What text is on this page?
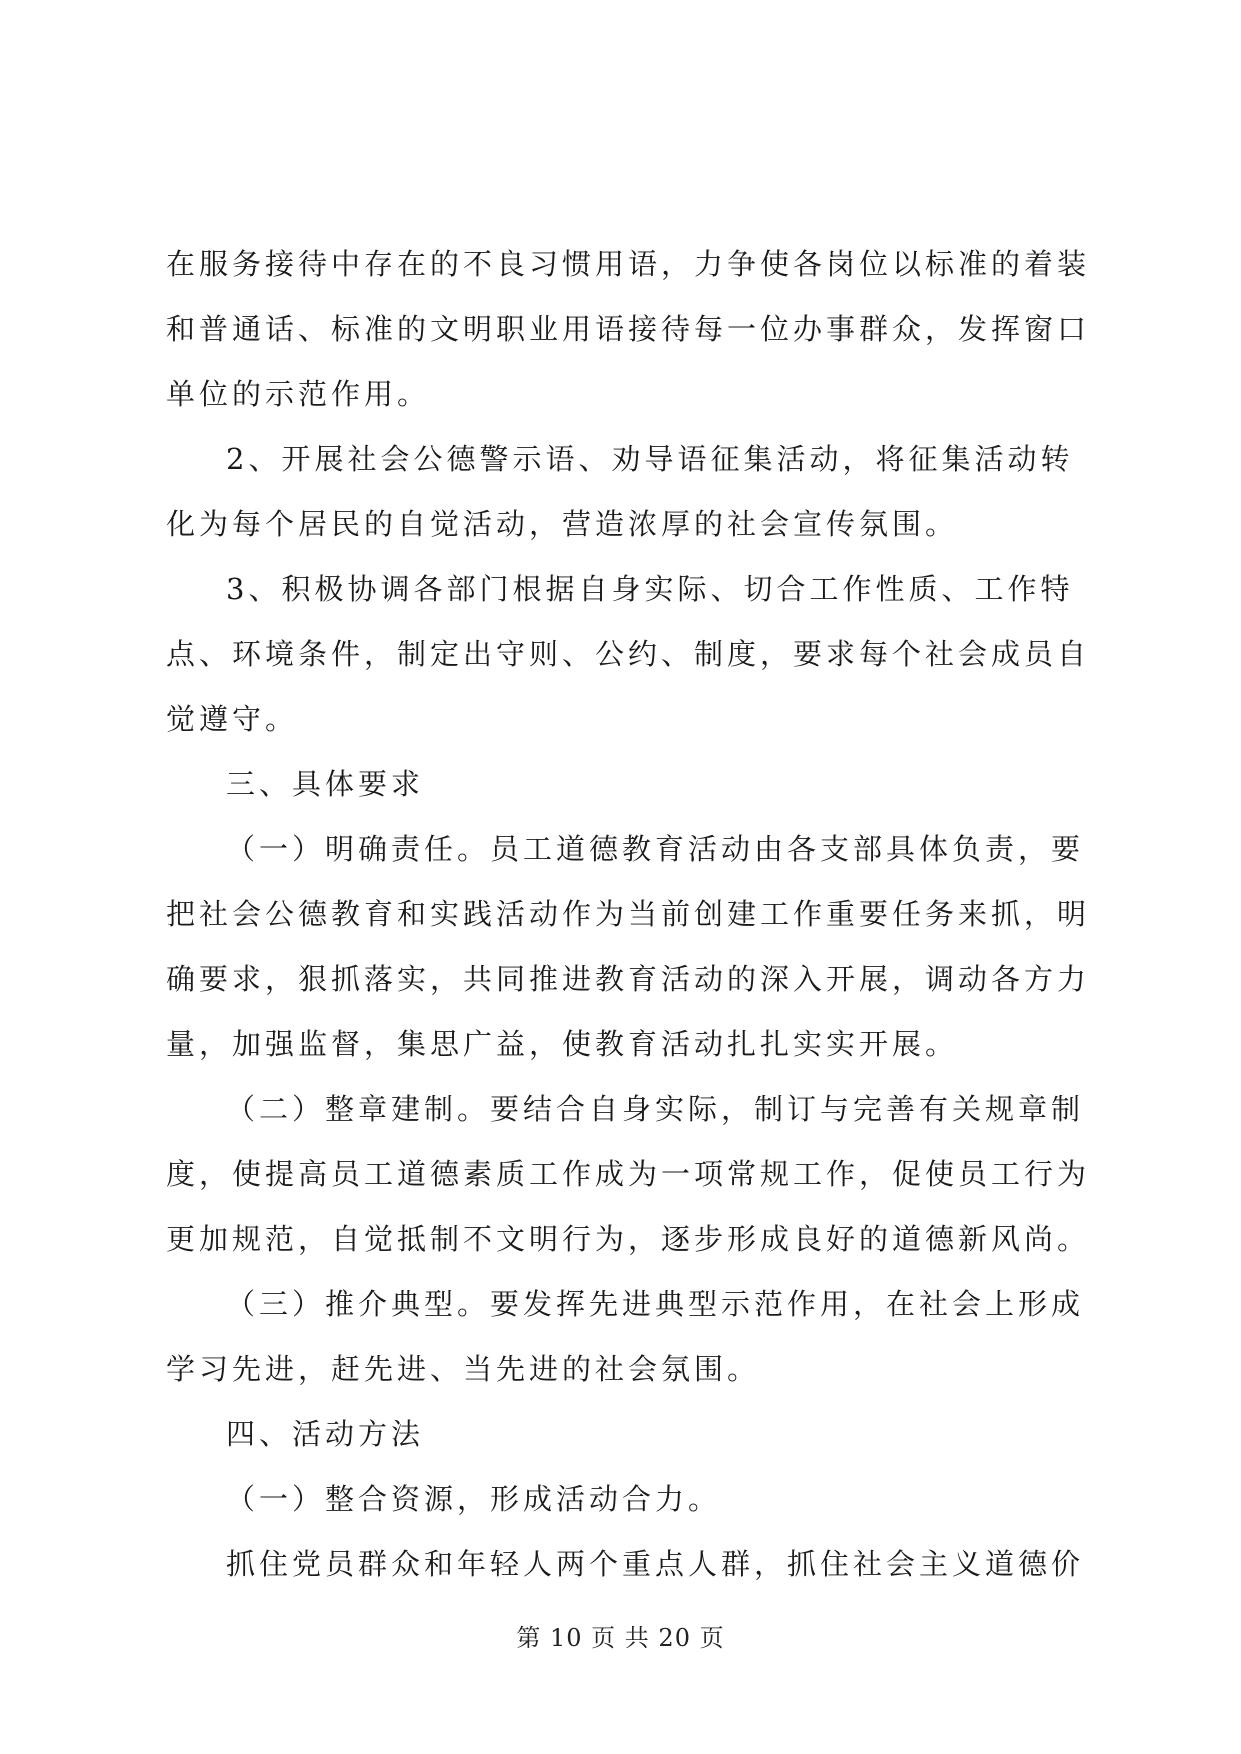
在服务接待中存在的不良习惯用语，力争使各岗位以标准的着装
和普通话、标准的文明职业用语接待每一位办事群众，发挥窗口
单位的示范作用。
2、开展社会公德警示语、劝导语征集活动，将征集活动转
化为每个居民的自觉活动，营造浓厚的社会宣传氛围。
3、积极协调各部门根据自身实际、切合工作性质、工作特
点、环境条件，制定出守则、公约、制度，要求每个社会成员自
觉遵守。
三、具体要求
（一）明确责任。员工道德教育活动由各支部具体负责，要
把社会公德教育和实践活动作为当前创建工作重要任务来抓，明
确要求，狠抓落实，共同推进教育活动的深入开展，调动各方力
量，加强监督，集思广益，使教育活动扎扎实实开展。
（二）整章建制。要结合自身实际，制订与完善有关规章制
度，使提高员工道德素质工作成为一项常规工作，促使员工行为
更加规范，自觉抵制不文明行为，逐步形成良好的道德新风尚。
（三）推介典型。要发挥先进典型示范作用，在社会上形成
学习先进，赶先进、当先进的社会氛围。
四、活动方法
（一）整合资源，形成活动合力。
抓住党员群众和年轻人两个重点人群，抓住社会主义道德价
第 10 页 共 20 页
